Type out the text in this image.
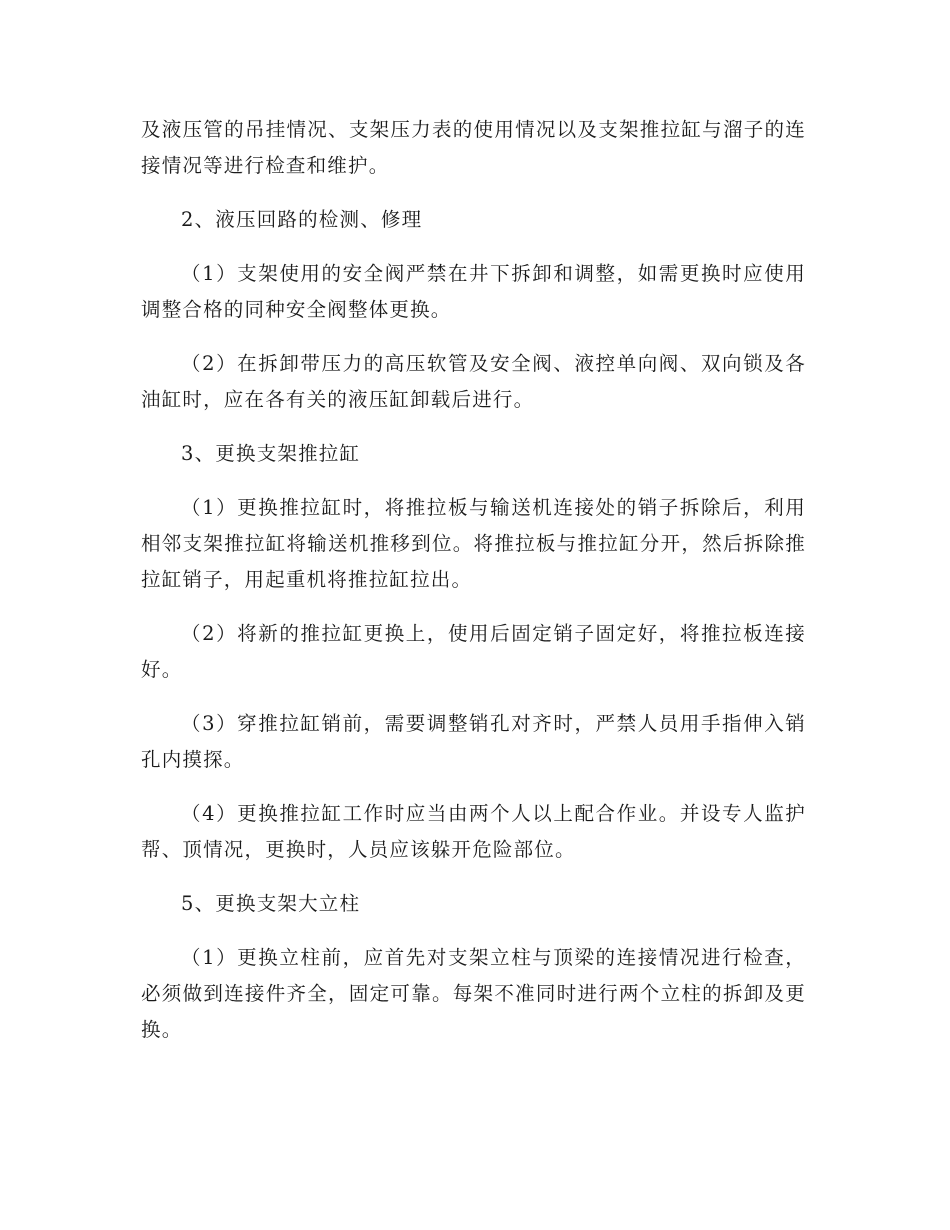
及液压管的吊挂情况、支架压力表的使用情况以及支架推拉缸与溜子的连接情况等进行检查和维护。

2、液压回路的检测、修理

（1）支架使用的安全阀严禁在井下拆卸和调整，如需更换时应使用调整合格的同种安全阀整体更换。

（2）在拆卸带压力的高压软管及安全阀、液控单向阀、双向锁及各油缸时，应在各有关的液压缸卸载后进行。

3、更换支架推拉缸

（1）更换推拉缸时，将推拉板与输送机连接处的销子拆除后，利用相邻支架推拉缸将输送机推移到位。将推拉板与推拉缸分开，然后拆除推拉缸销子，用起重机将推拉缸拉出。

（2）将新的推拉缸更换上，使用后固定销子固定好，将推拉板连接好。

（3）穿推拉缸销前，需要调整销孔对齐时，严禁人员用手指伸入销孔内摸探。

（4）更换推拉缸工作时应当由两个人以上配合作业。并设专人监护帮、顶情况，更换时，人员应该躲开危险部位。

5、更换支架大立柱

（1）更换立柱前，应首先对支架立柱与顶梁的连接情况进行检查，必须做到连接件齐全，固定可靠。每架不准同时进行两个立柱的拆卸及更换。
